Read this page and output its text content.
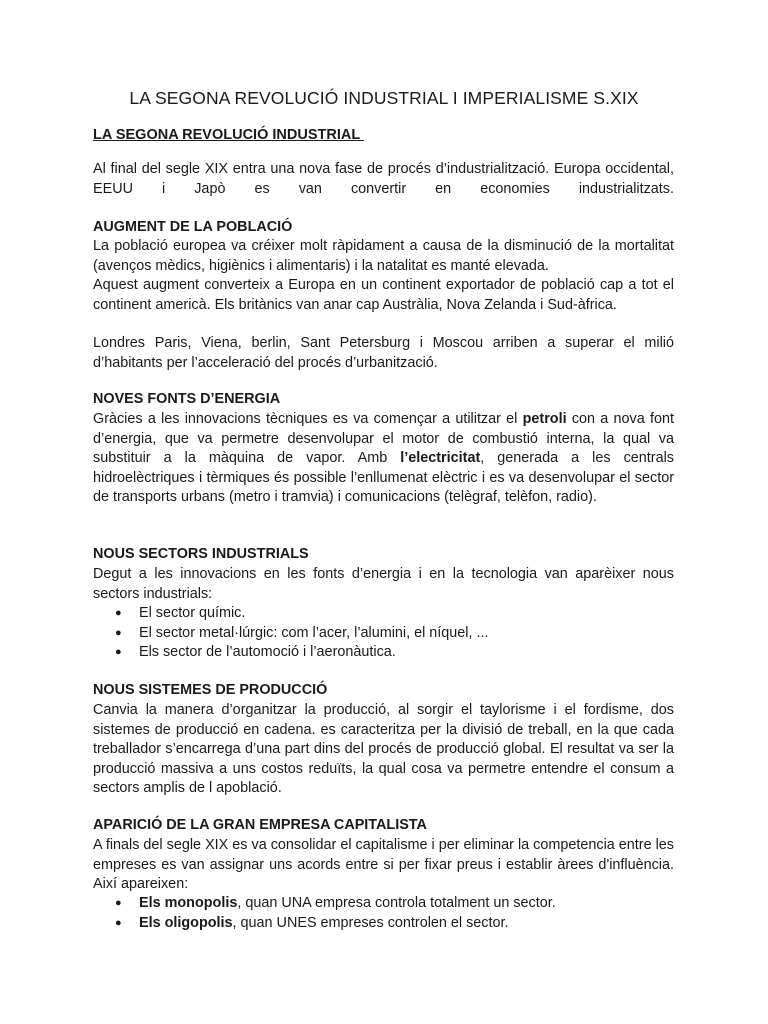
LA SEGONA REVOLUCIÓ INDUSTRIAL I IMPERIALISME S.XIX
LA SEGONA REVOLUCIÓ INDUSTRIAL
Al final del segle XIX entra una nova fase de procés d’industrialització. Europa occidental, EEUU i Japò es van convertir en economies industrialitzats.
AUGMENT DE LA POBLACIÓ
La població europea va créixer molt ràpidament a causa de la disminució de la mortalitat (avenços mèdics, higiènics i alimentaris) i la natalitat es manté elevada.
Aquest augment converteix a Europa en un continent exportador de població cap a tot el continent americà. Els britànics van anar cap Austràlia, Nova Zelanda i Sud-àfrica.
Londres Paris, Viena, berlin, Sant Petersburg i Moscou arriben a superar el milió d’habitants per l’acceleració del procés d’urbanització.
NOVES FONTS D’ENERGIA
Gràcies a les innovacions tècniques es va començar a utilitzar el petroli con a nova font d’energia, que va permetre desenvolupar el motor de combustió interna, la qual va substituir a la màquina de vapor. Amb l’electricitat, generada a les centrals hidroelèctriques i tèrmiques és possible l’enllumenat elèctric i es va desenvolupar el sector de transports urbans (metro i tramvia) i comunicacions (telègraf, telèfon, radio).
NOUS SECTORS INDUSTRIALS
Degut a les innovacions en les fonts d’energia i en la tecnologia van aparèixer nous sectors industrials:
● El sector químic.
● El sector metal·lúrgic: com l’acer, l’alumini, el níquel, ...
● Els sector de l’automoció i l’aeronàutica.
NOUS SISTEMES DE PRODUCCIÓ
Canvia la manera d’organitzar la producció, al sorgir el taylorisme i el fordisme, dos sistemes de producció en cadena. es caracteritza per la divisió de treball, en la que cada treballador s’encarrega d’una part dins del procés de producció global. El resultat va ser la producció massiva a uns costos reduïts, la qual cosa va permetre entendre el consum a sectors amplis de l apoblació.
APARICIÓ DE LA GRAN EMPRESA CAPITALISTA
A finals del segle XIX es va consolidar el capitalisme i per eliminar la competencia entre les empreses es van assignar uns acords entre si per fixar preus i establir àrees d'influència. Així apareixen:
● Els monopolis, quan UNA empresa controla totalment un sector.
● Els oligopolis, quan UNES empreses controlen el sector.
